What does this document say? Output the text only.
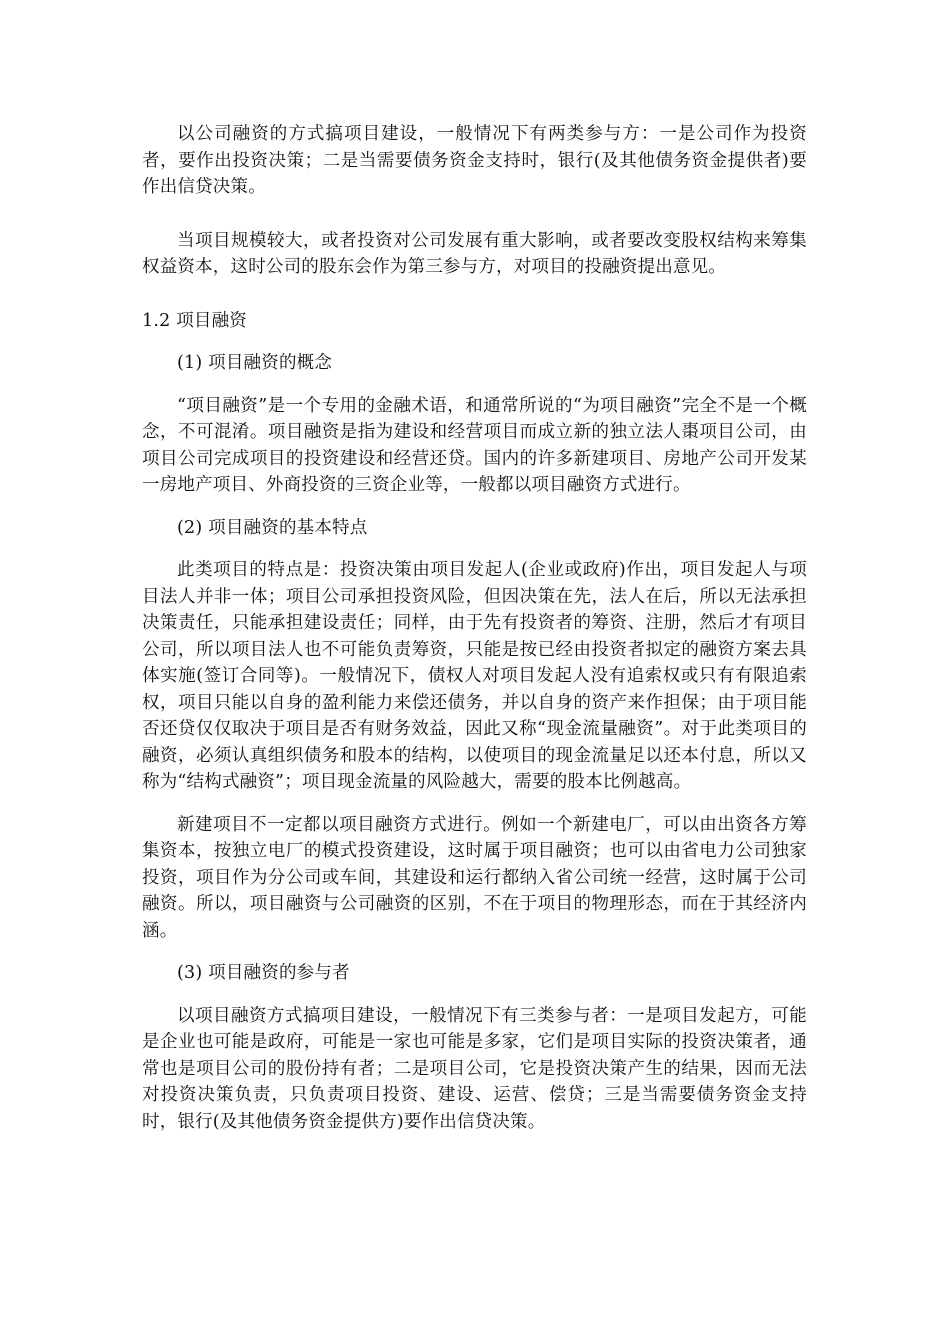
以公司融资的方式搞项目建设，一般情况下有两类参与方：一是公司作为投资者，要作出投资决策；二是当需要债务资金支持时，银行(及其他债务资金提供者)要作出信贷决策。

当项目规模较大，或者投资对公司发展有重大影响，或者要改变股权结构来筹集权益资本，这时公司的股东会作为第三参与方，对项目的投融资提出意见。

1.2 项目融资

(1) 项目融资的概念

“项目融资”是一个专用的金融术语，和通常所说的“为项目融资”完全不是一个概念，不可混淆。项目融资是指为建设和经营项目而成立新的独立法人棗项目公司，由项目公司完成项目的投资建设和经营还贷。国内的许多新建项目、房地产公司开发某一房地产项目、外商投资的三资企业等，一般都以项目融资方式进行。

(2) 项目融资的基本特点

此类项目的特点是：投资决策由项目发起人(企业或政府)作出，项目发起人与项目法人并非一体；项目公司承担投资风险，但因决策在先，法人在后，所以无法承担决策责任，只能承担建设责任；同样，由于先有投资者的筹资、注册，然后才有项目公司，所以项目法人也不可能负责筹资，只能是按已经由投资者拟定的融资方案去具体实施(签订合同等)。一般情况下，债权人对项目发起人没有追索权或只有有限追索权，项目只能以自身的盈利能力来偿还债务，并以自身的资产来作担保；由于项目能否还贷仅仅取决于项目是否有财务效益，因此又称“现金流量融资”。对于此类项目的融资，必须认真组织债务和股本的结构，以使项目的现金流量足以还本付息，所以又称为“结构式融资”；项目现金流量的风险越大，需要的股本比例越高。

新建项目不一定都以项目融资方式进行。例如一个新建电厂，可以由出资各方筹集资本，按独立电厂的模式投资建设，这时属于项目融资；也可以由省电力公司独家投资，项目作为分公司或车间，其建设和运行都纳入省公司统一经营，这时属于公司融资。所以，项目融资与公司融资的区别，不在于项目的物理形态，而在于其经济内涵。

(3) 项目融资的参与者

以项目融资方式搞项目建设，一般情况下有三类参与者：一是项目发起方，可能是企业也可能是政府，可能是一家也可能是多家，它们是项目实际的投资决策者，通常也是项目公司的股份持有者；二是项目公司，它是投资决策产生的结果，因而无法对投资决策负责，只负责项目投资、建设、运营、偿贷；三是当需要债务资金支持时，银行(及其他债务资金提供方)要作出信贷决策。
